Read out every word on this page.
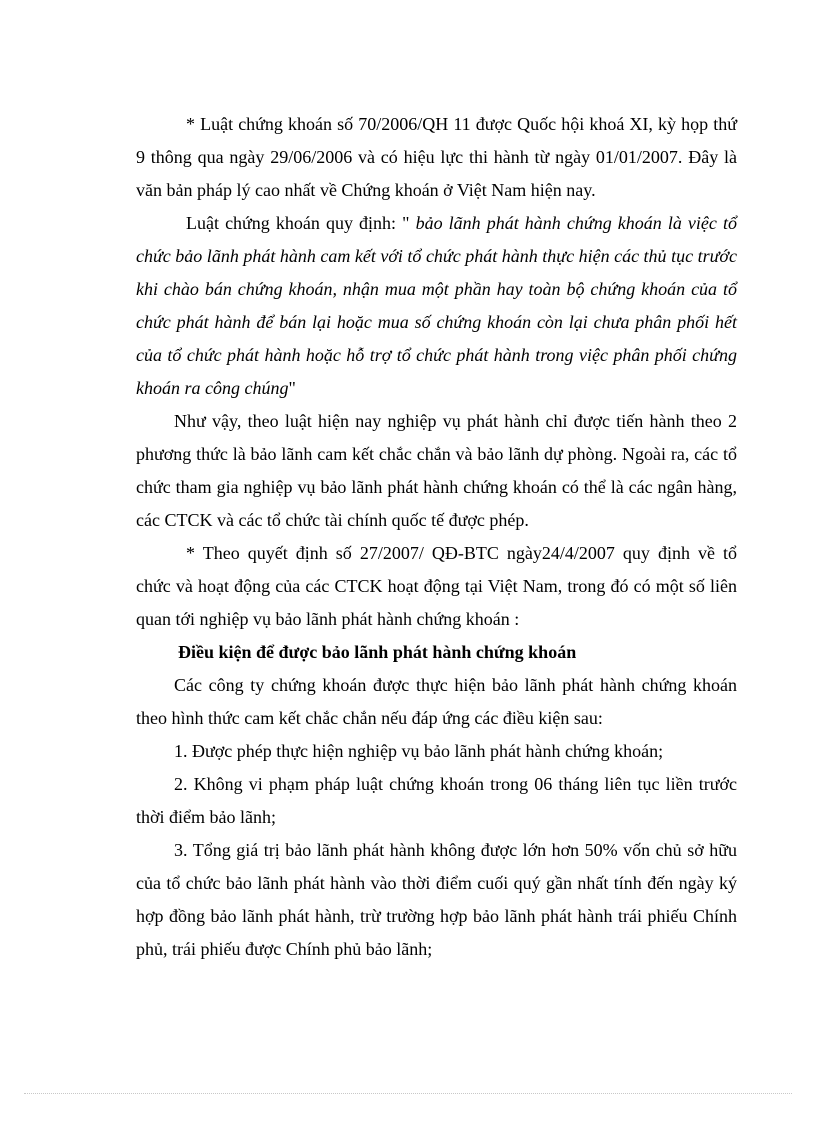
* Luật chứng khoán số 70/2006/QH 11 được Quốc hội khoá XI, kỳ họp thứ 9 thông qua ngày 29/06/2006 và có hiệu lực thi hành từ ngày 01/01/2007. Đây là văn bản pháp lý cao nhất về Chứng khoán ở Việt Nam hiện nay.

Luật chứng khoán quy định: " bảo lãnh phát hành chứng khoán là việc tổ chức bảo lãnh phát hành cam kết với tổ chức phát hành thực hiện các thủ tục trước khi chào bán chứng khoán, nhận mua một phần hay toàn bộ chứng khoán của tổ chức phát hành để bán lại hoặc mua số chứng khoán còn lại chưa phân phối hết của tổ chức phát hành hoặc hỗ trợ tổ chức phát hành trong việc phân phối chứng khoán ra công chúng"

Như vậy, theo luật hiện nay nghiệp vụ phát hành chỉ được tiến hành theo 2 phương thức là bảo lãnh cam kết chắc chắn và bảo lãnh dự phòng. Ngoài ra, các tổ chức tham gia nghiệp vụ bảo lãnh phát hành chứng khoán có thể là các ngân hàng, các CTCK và các tổ chức tài chính quốc tế được phép.

* Theo quyết định số 27/2007/ QĐ-BTC ngày24/4/2007 quy định về tổ chức và hoạt động của các CTCK hoạt động tại Việt Nam, trong đó có một số liên quan tới nghiệp vụ bảo lãnh phát hành chứng khoán :

Điều kiện để được bảo lãnh phát hành chứng khoán

Các công ty chứng khoán được thực hiện bảo lãnh phát hành chứng khoán theo hình thức cam kết chắc chắn nếu đáp ứng các điều kiện sau:

1. Được phép thực hiện nghiệp vụ bảo lãnh phát hành chứng khoán;

2. Không vi phạm pháp luật chứng khoán trong 06 tháng liên tục liền trước thời điểm bảo lãnh;

3. Tổng giá trị bảo lãnh phát hành không được lớn hơn 50% vốn chủ sở hữu của tổ chức bảo lãnh phát hành vào thời điểm cuối quý gần nhất tính đến ngày ký hợp đồng bảo lãnh phát hành, trừ trường hợp bảo lãnh phát hành trái phiếu Chính phủ, trái phiếu được Chính phủ bảo lãnh;
